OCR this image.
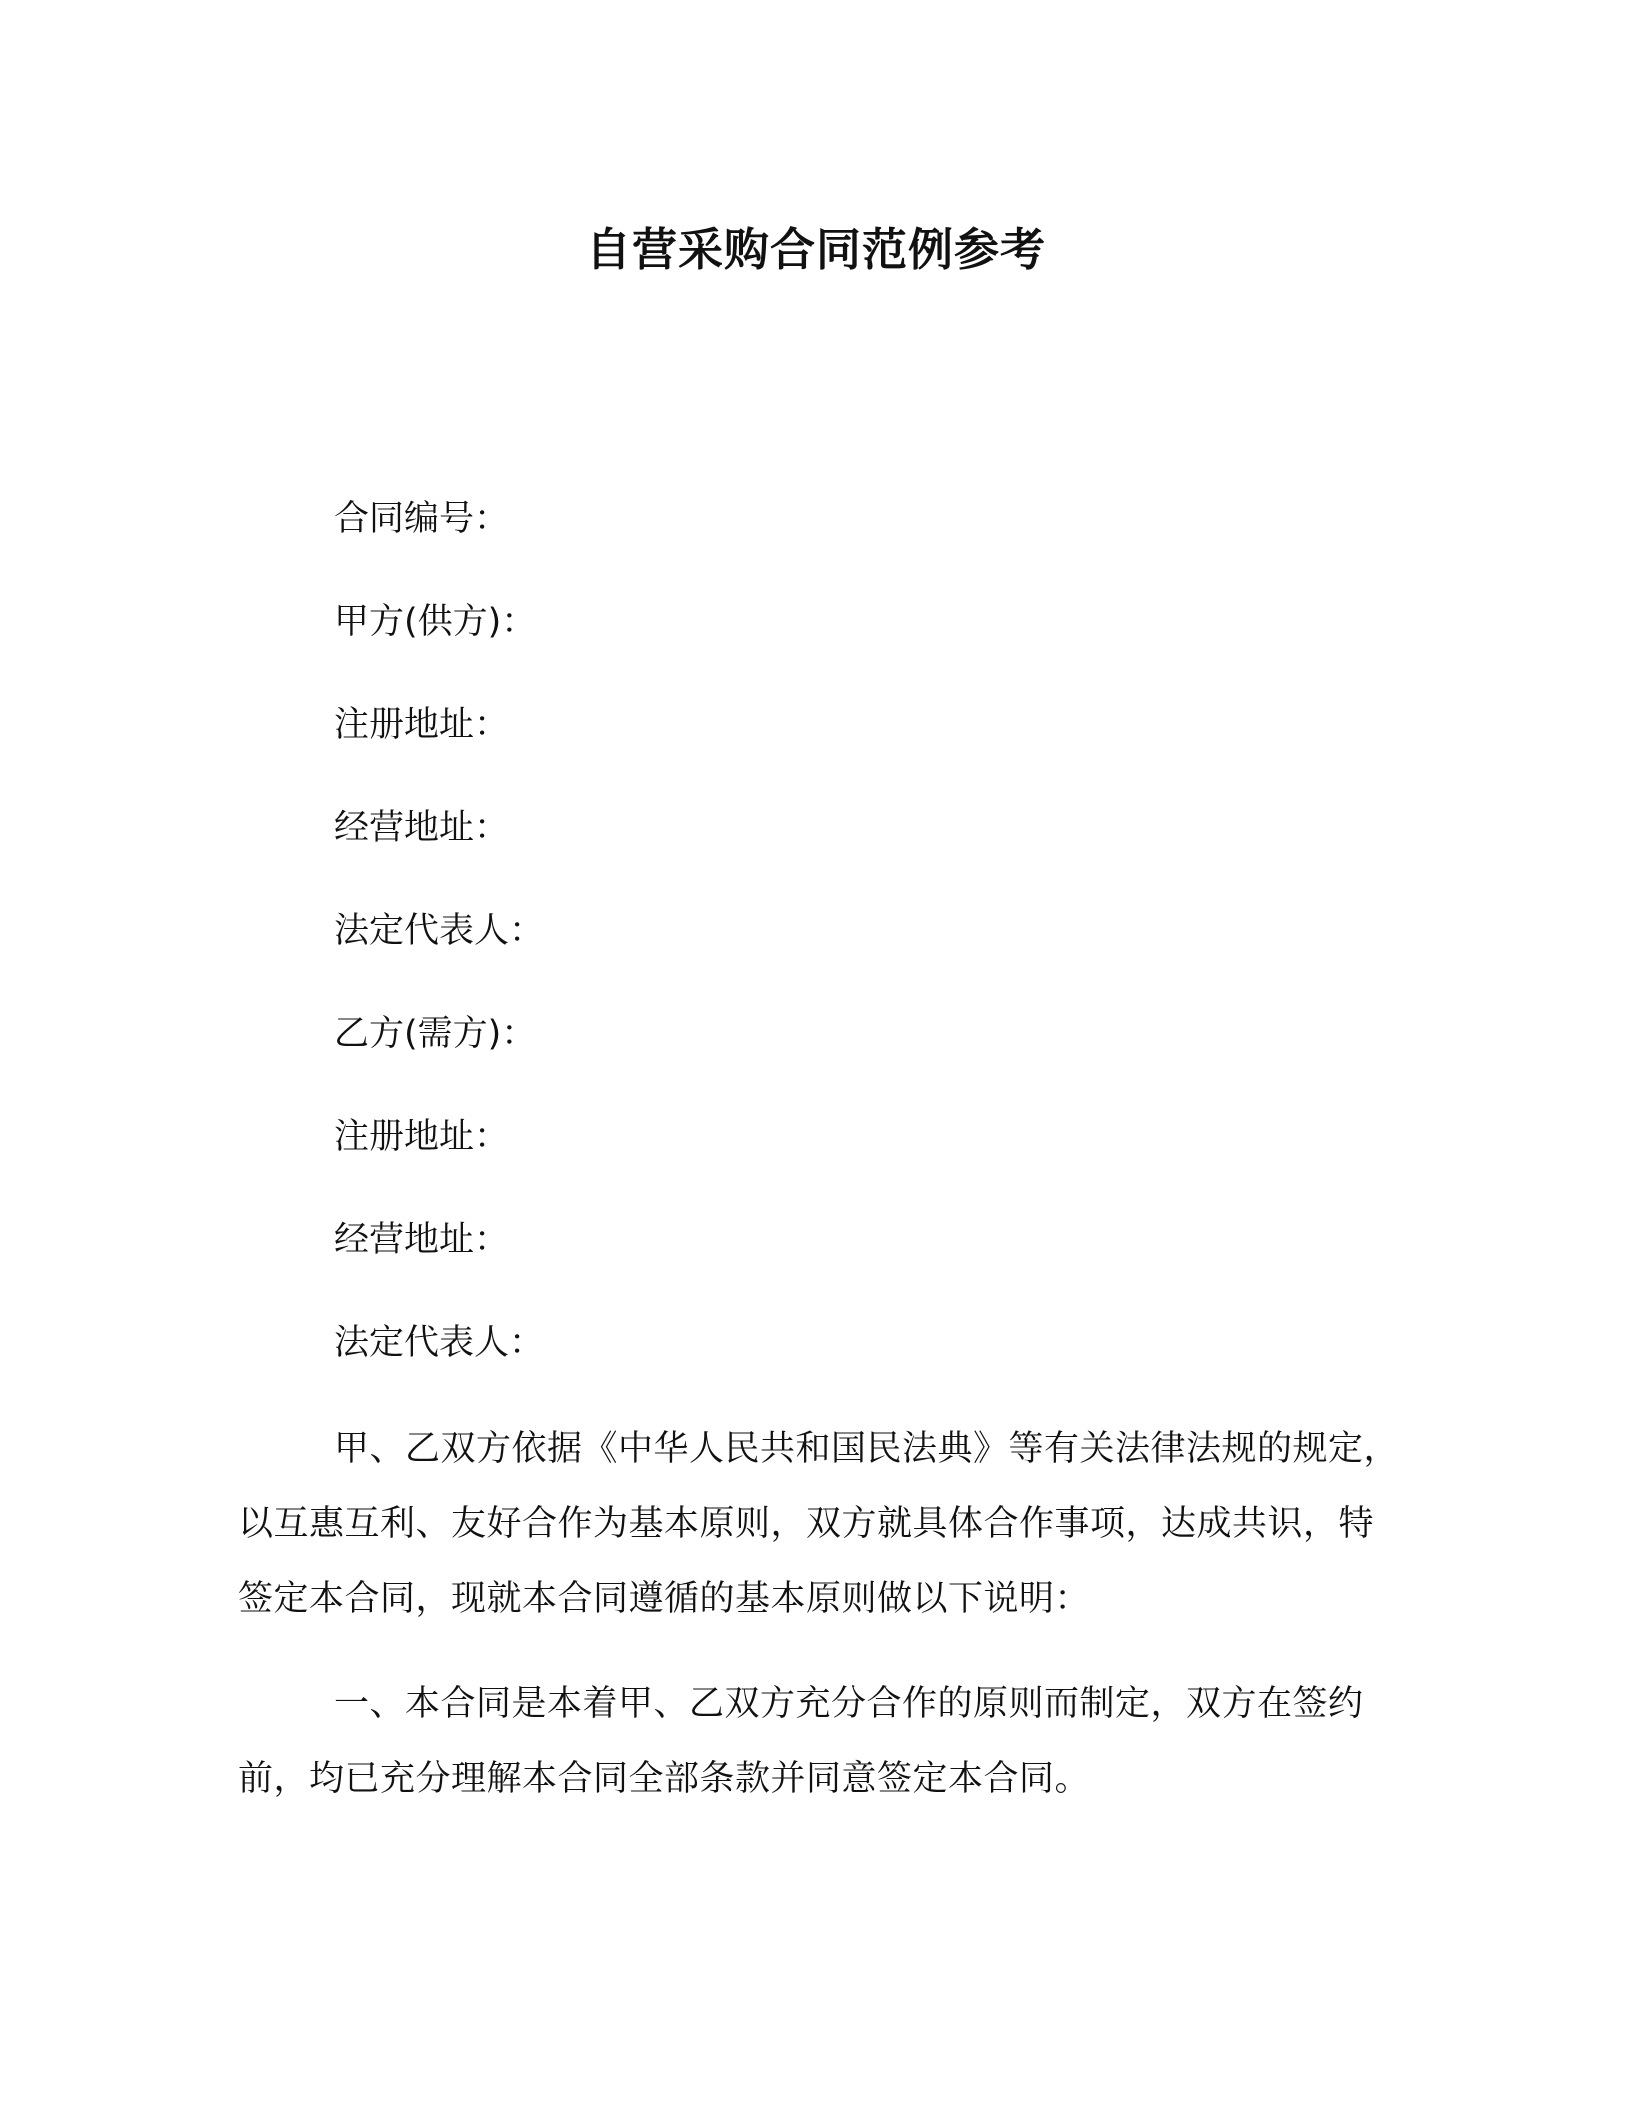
自营采购合同范例参考

合同编号：

甲方(供方)：

注册地址：

经营地址：

法定代表人：

乙方(需方)：

注册地址：

经营地址：

法定代表人：

甲、乙双方依据《中华人民共和国民法典》等有关法律法规的规定，以互惠互利、友好合作为基本原则，双方就具体合作事项，达成共识，特签定本合同，现就本合同遵循的基本原则做以下说明：

一、本合同是本着甲、乙双方充分合作的原则而制定，双方在签约前，均已充分理解本合同全部条款并同意签定本合同。
